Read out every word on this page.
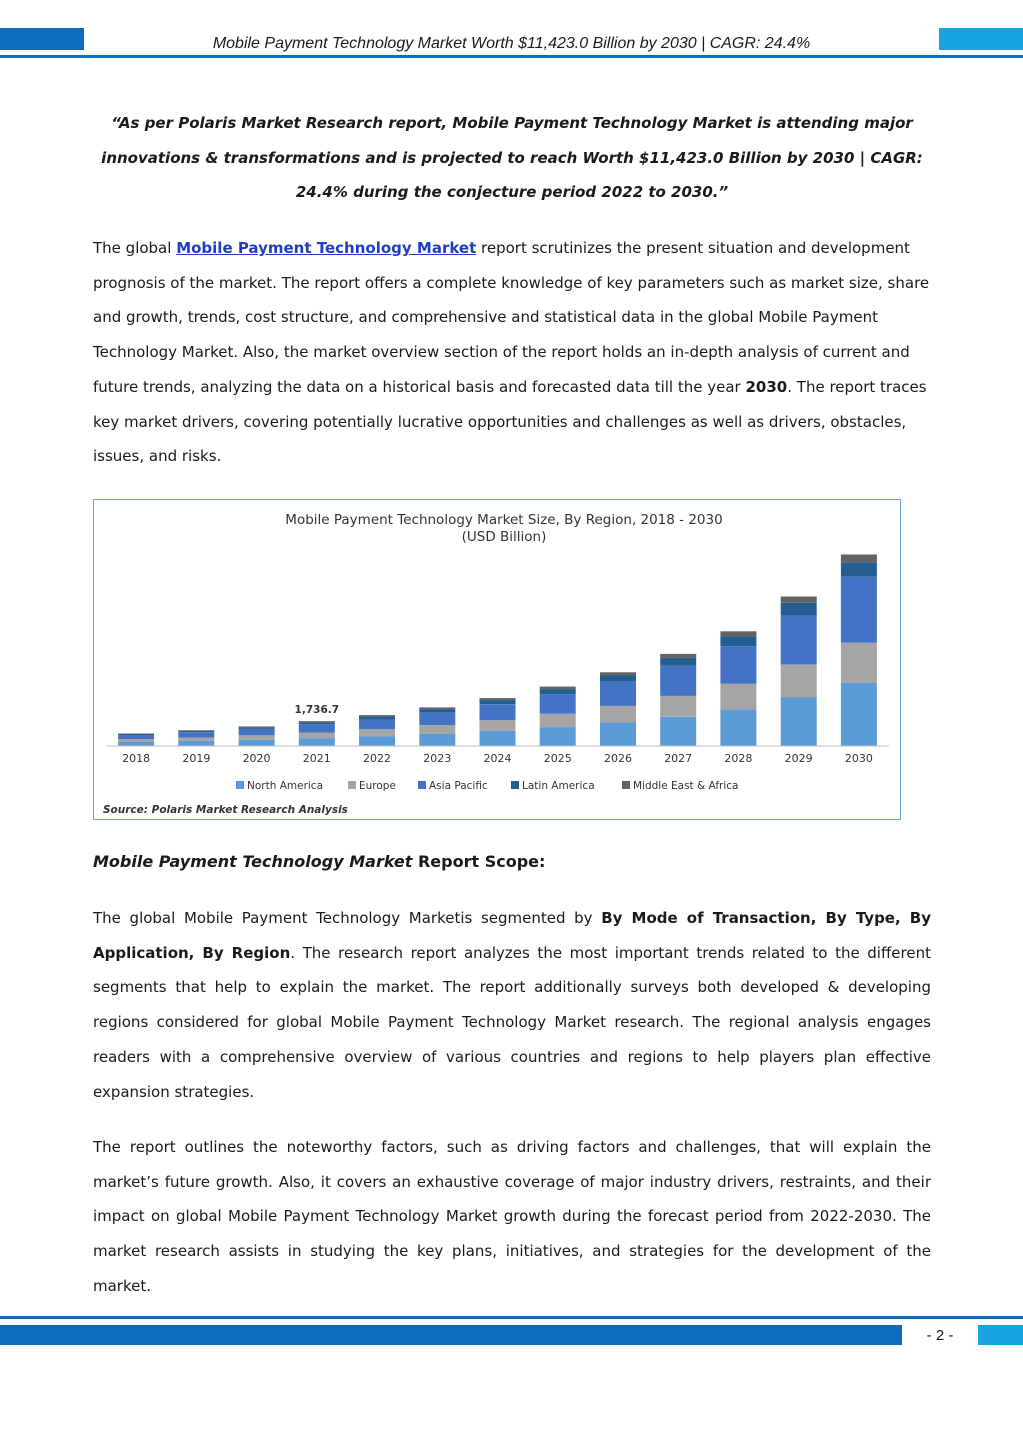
Mobile Payment Technology Market Worth $11,423.0 Billion by 2030 | CAGR: 24.4%
“As per Polaris Market Research report, Mobile Payment Technology Market is attending major innovations & transformations and is projected to reach Worth $11,423.0 Billion by 2030 | CAGR: 24.4% during the conjecture period 2022 to 2030.”
The global Mobile Payment Technology Market report scrutinizes the present situation and development prognosis of the market. The report offers a complete knowledge of key parameters such as market size, share and growth, trends, cost structure, and comprehensive and statistical data in the global Mobile Payment Technology Market. Also, the market overview section of the report holds an in-depth analysis of current and future trends, analyzing the data on a historical basis and forecasted data till the year 2030. The report traces key market drivers, covering potentially lucrative opportunities and challenges as well as drivers, obstacles, issues, and risks.
Mobile Payment Technology Market Size, By Region, 2018 - 2030
(USD Billion)
1,736.7
2018	2019	2020	2021	2022	2023	2024	2025	2026	2027	2028	2029	2030
North America	Europe	Asia Pacific	Latin America	Middle East & Africa
Source: Polaris Market Research Analysis
Mobile Payment Technology Market Report Scope:
The global Mobile Payment Technology Marketis segmented by By Mode of Transaction, By Type, By Application, By Region. The research report analyzes the most important trends related to the different segments that help to explain the market. The report additionally surveys both developed & developing regions considered for global Mobile Payment Technology Market research. The regional analysis engages readers with a comprehensive overview of various countries and regions to help players plan effective expansion strategies.
The report outlines the noteworthy factors, such as driving factors and challenges, that will explain the market’s future growth. Also, it covers an exhaustive coverage of major industry drivers, restraints, and their impact on global Mobile Payment Technology Market growth during the forecast period from 2022-2030. The market research assists in studying the key plans, initiatives, and strategies for the development of the market.
- 2 -
